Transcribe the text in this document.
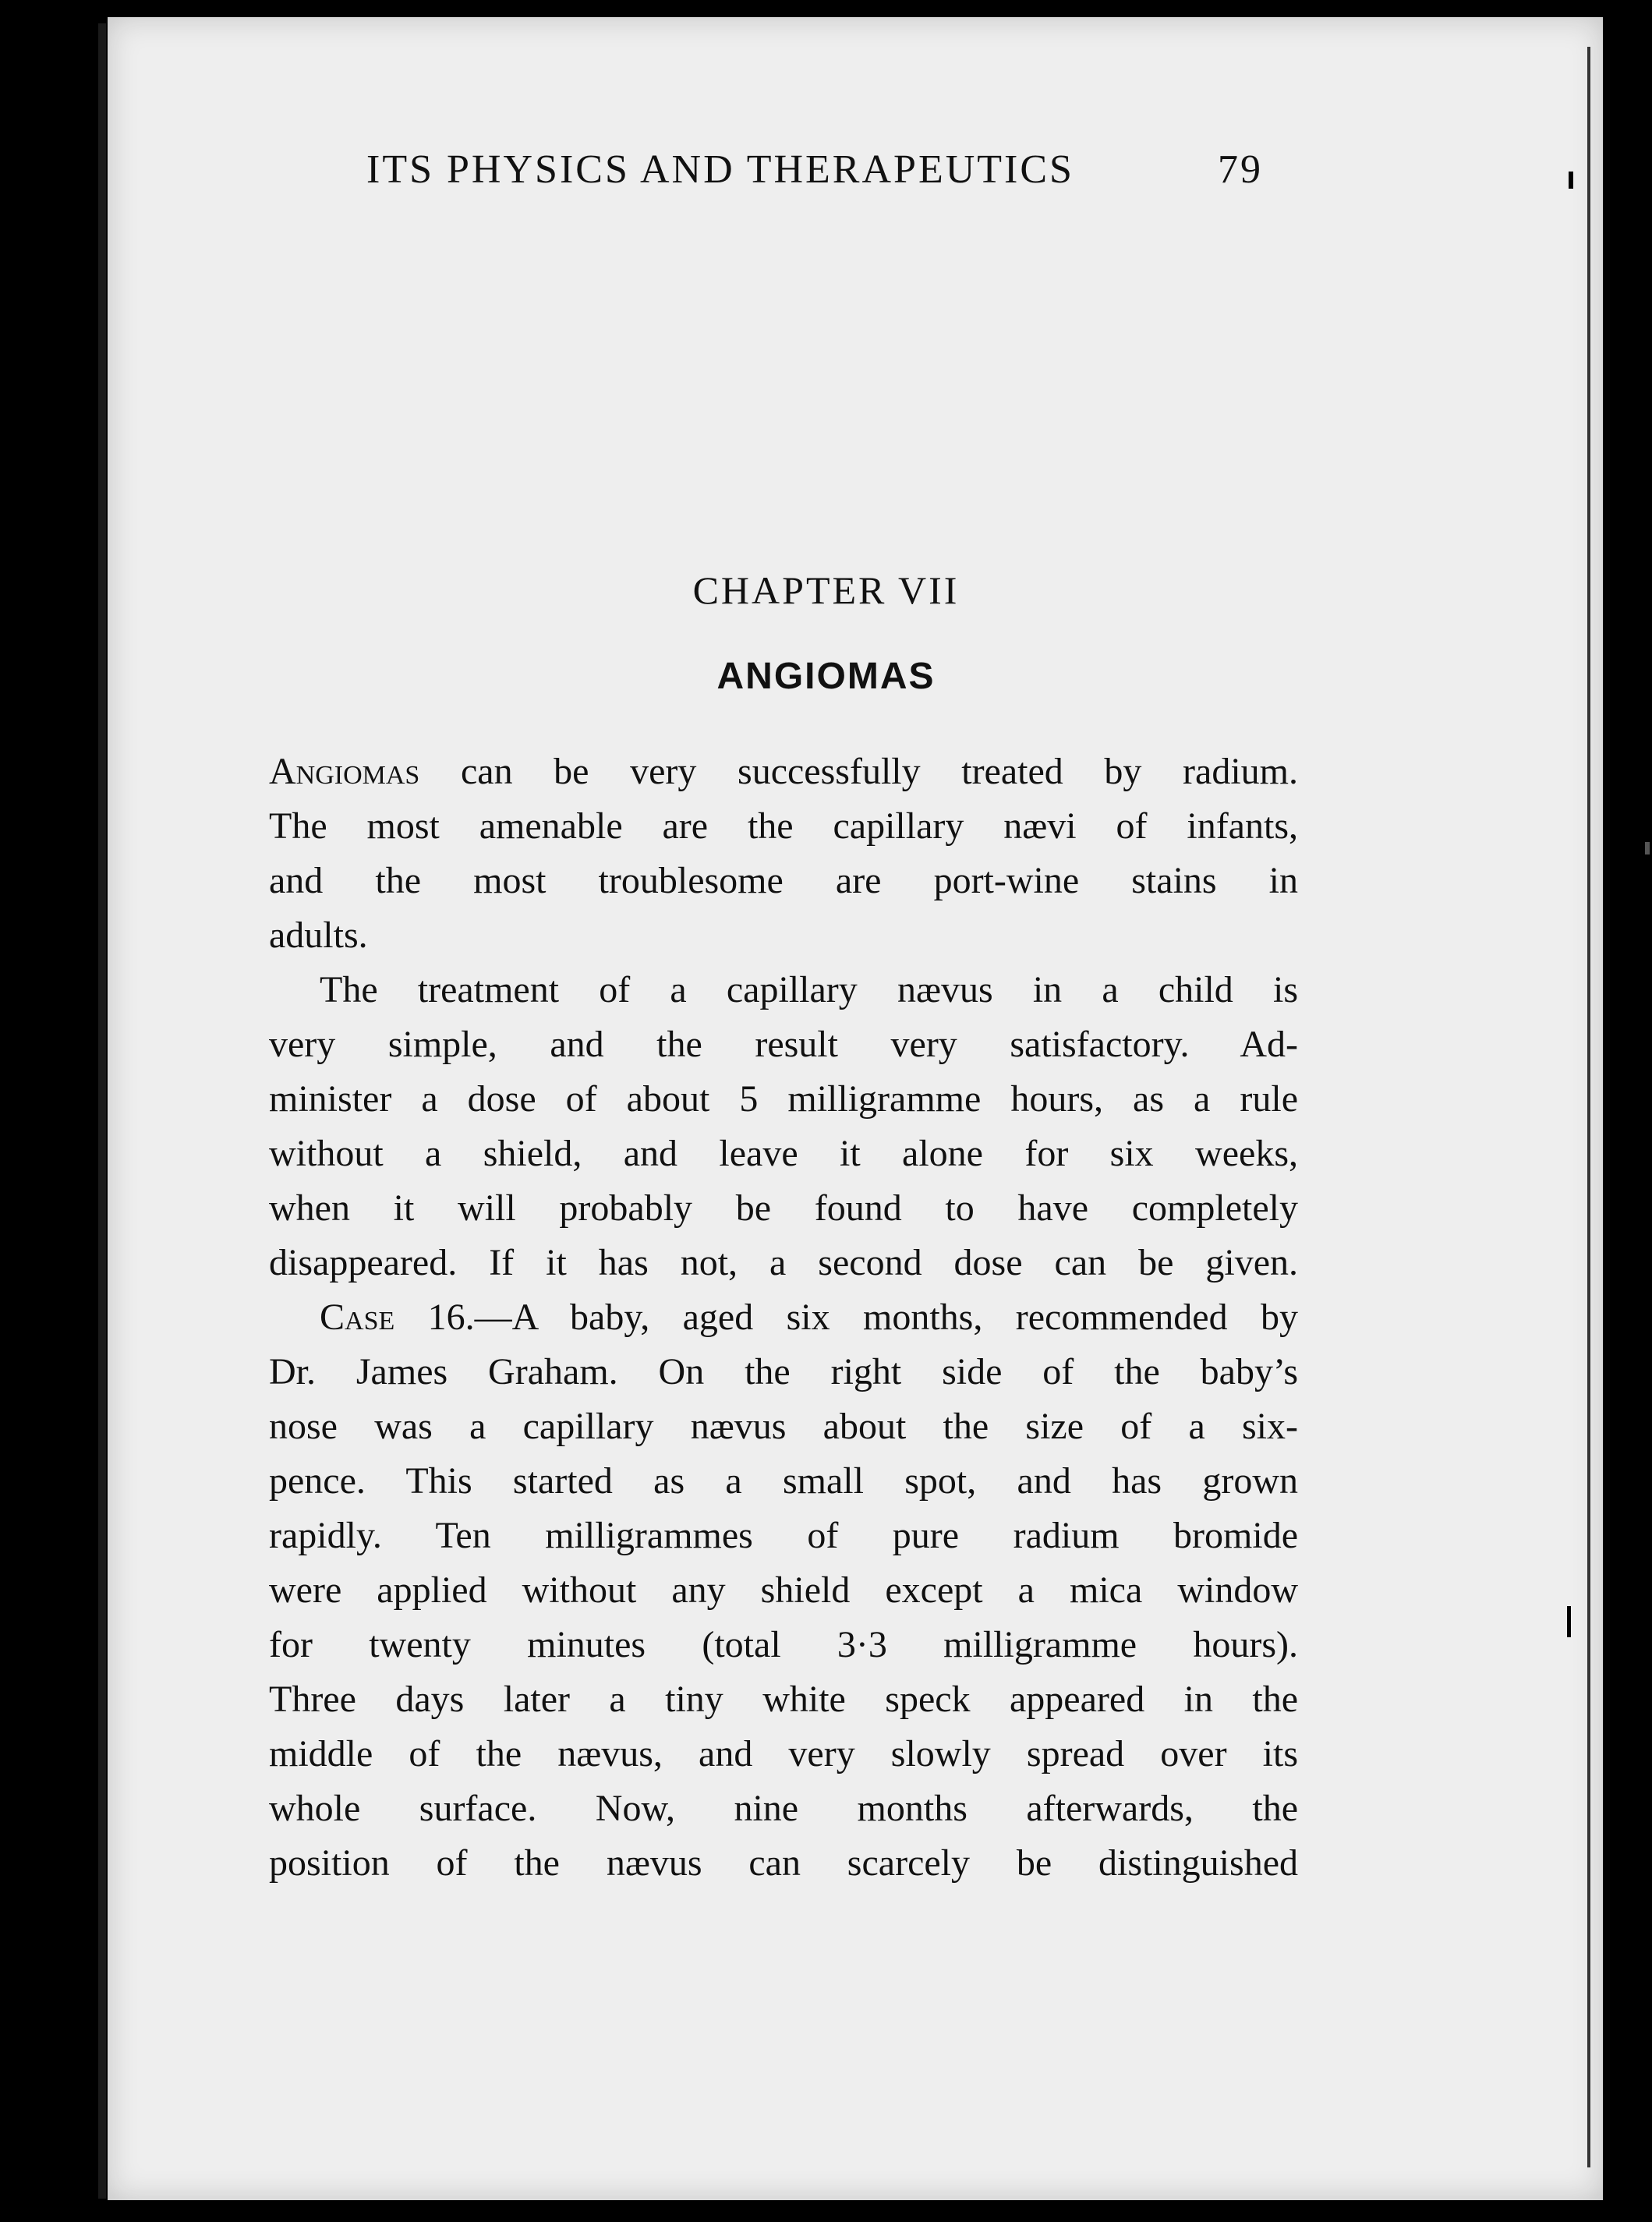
ITS PHYSICS AND THERAPEUTICS	79
CHAPTER VII
ANGIOMAS

Angiomas can be very successfully treated by radium.
The most amenable are the capillary nævi of infants,
and the most troublesome are port-wine stains in
adults.

The treatment of a capillary nævus in a child is
very simple, and the result very satisfactory. Ad-
minister a dose of about 5 milligramme hours, as a rule
without a shield, and leave it alone for six weeks,
when it will probably be found to have completely
disappeared. If it has not, a second dose can be given.

Case 16.—A baby, aged six months, recommended by
Dr. James Graham. On the right side of the baby’s
nose was a capillary nævus about the size of a six-
pence. This started as a small spot, and has grown
rapidly. Ten milligrammes of pure radium bromide
were applied without any shield except a mica window
for twenty minutes (total 3·3 milligramme hours).
Three days later a tiny white speck appeared in the
middle of the nævus, and very slowly spread over its
whole surface. Now, nine months afterwards, the
position of the nævus can scarcely be distinguished
